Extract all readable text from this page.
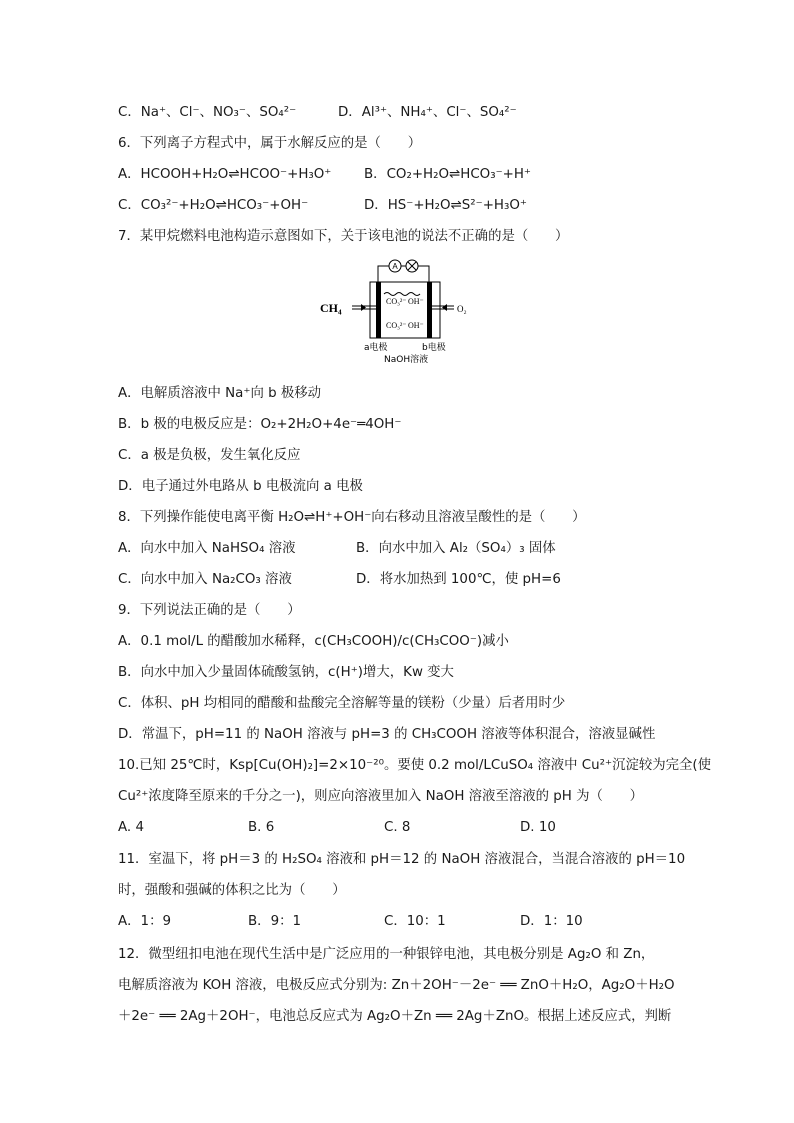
C．Na⁺、Cl⁻、NO₃⁻、SO₄²⁻	D．Al³⁺、NH₄⁺、Cl⁻、SO₄²⁻
6．下列离子方程式中，属于水解反应的是（　　）
A．HCOOH+H₂O⇌HCOO⁻+H₃O⁺ B．CO₂+H₂O⇌HCO₃⁻+H⁺
C．CO₃²⁻+H₂O⇌HCO₃⁻+OH⁻	D．HS⁻+H₂O⇌S²⁻+H₃O⁺
7．某甲烷燃料电池构造示意图如下，关于该电池的说法不正确的是（　　）
A
CH₄	O₂
CO₃²⁻ OH⁻
CO₃²⁻ OH⁻
a电极	b电极
NaOH溶液
A．电解质溶液中 Na⁺向 b 极移动
B．b 极的电极反应是：O₂+2H₂O+4e⁻═4OH⁻
C．a 极是负极，发生氧化反应
D．电子通过外电路从 b 电极流向 a 电极
8．下列操作能使电离平衡 H₂O⇌H⁺+OH⁻向右移动且溶液呈酸性的是（　　）
A．向水中加入 NaHSO₄ 溶液	B．向水中加入 Al₂（SO₄）₃ 固体
C．向水中加入 Na₂CO₃ 溶液	D．将水加热到 100℃，使 pH=6
9．下列说法正确的是（　　）
A．0.1 mol/L 的醋酸加水稀释，c(CH₃COOH)/c(CH₃COO⁻)减小
B．向水中加入少量固体硫酸氢钠，c(H⁺)增大，Kw 变大
C．体积、pH 均相同的醋酸和盐酸完全溶解等量的镁粉（少量）后者用时少
D．常温下，pH=11 的 NaOH 溶液与 pH=3 的 CH₃COOH 溶液等体积混合，溶液显碱性
10.已知 25℃时，Ksp[Cu(OH)₂]=2×10⁻²⁰。要使 0.2 mol/LCuSO₄ 溶液中 Cu²⁺沉淀较为完全(使
Cu²⁺浓度降至原来的千分之一)，则应向溶液里加入 NaOH 溶液至溶液的 pH 为（　　）
A. 4	B. 6	C. 8	D. 10
11．室温下，将 pH＝3 的 H₂SO₄ 溶液和 pH＝12 的 NaOH 溶液混合，当混合溶液的 pH＝10
时，强酸和强碱的体积之比为（　　）
A．1：9	B．9：1	C．10：1	D．1：10
12．微型纽扣电池在现代生活中是广泛应用的一种银锌电池，其电极分别是 Ag₂O 和 Zn，
电解质溶液为 KOH 溶液，电极反应式分别为: Zn＋2OH⁻－2e⁻ ══ ZnO＋H₂O，Ag₂O＋H₂O
＋2e⁻ ══ 2Ag＋2OH⁻，电池总反应式为 Ag₂O＋Zn ══ 2Ag＋ZnO。根据上述反应式，判断
